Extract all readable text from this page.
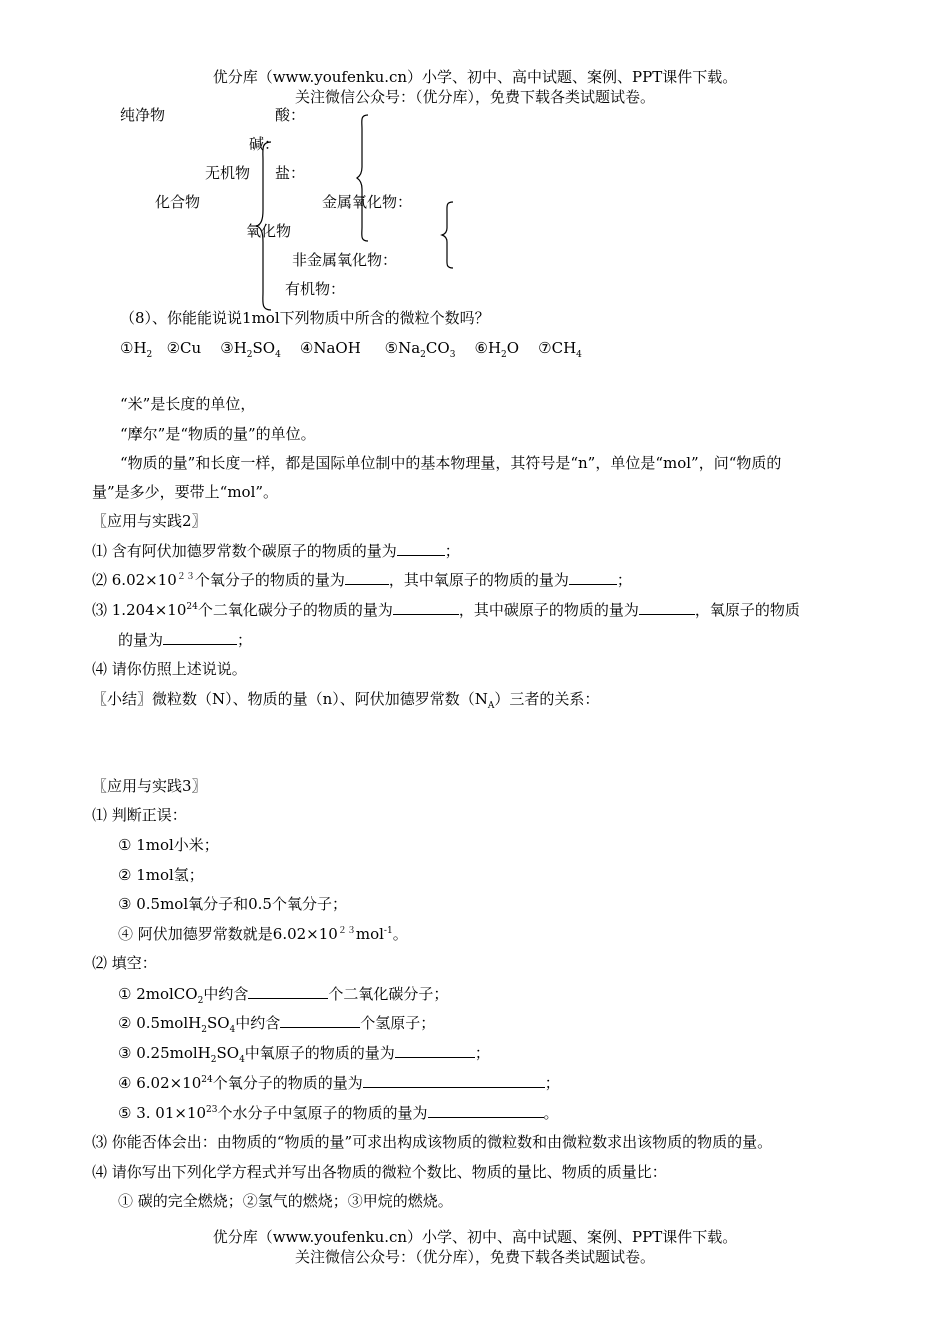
优分库（www.youfenku.cn）小学、初中、高中试题、案例、PPT课件下载。
关注微信公众号：（优分库），免费下载各类试题试卷。
纯净物	酸：
碱：
无机物 盐：
化合物	金属氧化物：
氧化物
非金属氧化物：
有机物：
（8）、你能能说说1mol下列物质中所含的微粒个数吗？
$①H_2$ ②Cu $③H_2SO_4$ ④NaOH $⑤Na_2CO_3$ $⑥H_2O$ $⑦CH_4$
“米”是长度的单位，
“摩尔”是“物质的量”的单位。
“物质的量”和长度一样，都是国际单位制中的基本物理量，其符号是“n”，单位是“mol”，问“物质的
量”是多少，要带上“mol”。
〖应用与实践2〗
⑴ 含有阿伏加德罗常数个碳原子的物质的量为	；
⑵ $6.02\times 10^{23}$个氧分子的物质的量为	，其中氧原子的物质的量为	；
⑶ $1.204\times 10^{24}$个二氧化碳分子的物质的量为	，其中碳原子的物质的量为	，氧原子的物质
的量为	；
⑷ 请你仿照上述说说。
〖小结〗微粒数（N）、物质的量（n）、阿伏加德罗常数$(N_A)$三者的关系：
〖应用与实践3〗
⑴ 判断正误：
① 1mol小米；
② 1mol氢；
③ 0.5mol氧分子和0.5个氧分子；
④ 阿伏加德罗常数就是$6.02\times 10^{23}mol^{-1}$。
⑵ 填空：
① 2molCO$_2$中约含	个二氧化碳分子；
② $0.5molH_2SO_4$中约含	个氢原子；
③ $0.25molH_2SO_4$中氧原子的物质的量为	；
④ $6.02\times 10^{24}$个氧分子的物质的量为	；
⑤ 3. $01\times 10^{23}$个水分子中氢原子的物质的量为	。
⑶ 你能否体会出：由物质的“物质的量”可求出构成该物质的微粒数和由微粒数求出该物质的物质的量。
⑷ 请你写出下列化学方程式并写出各物质的微粒个数比、物质的量比、物质的质量比：
① 碳的完全燃烧；②氢气的燃烧；③甲烷的燃烧。
优分库（www.youfenku.cn）小学、初中、高中试题、案例、PPT课件下载。
关注微信公众号：（优分库），免费下载各类试题试卷。
